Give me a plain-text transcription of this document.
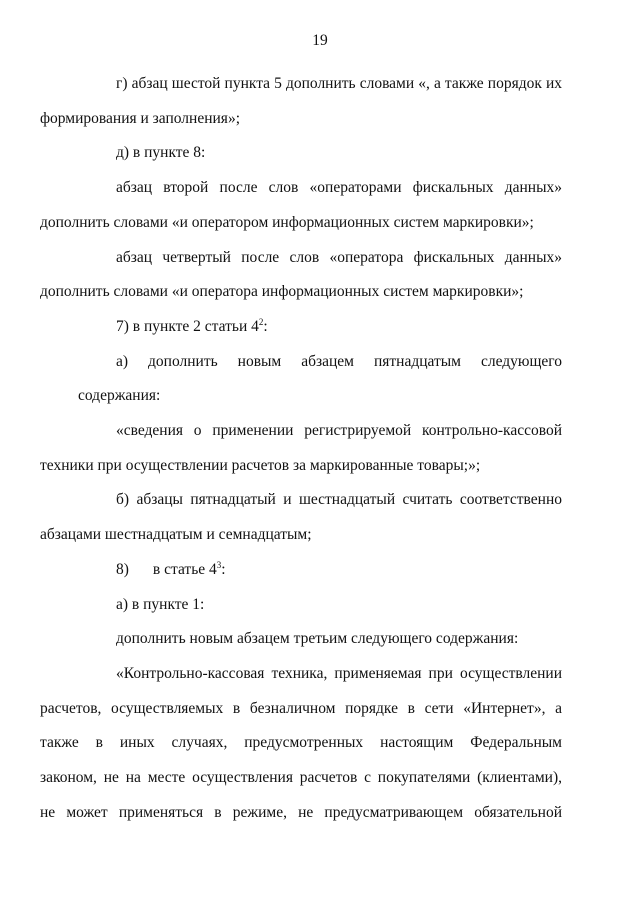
19

г) абзац шестой пункта 5 дополнить словами «, а также порядок их
формирования и заполнения»;

д) в пункте 8:

абзац второй после слов «операторами фискальных данных»
дополнить словами «и оператором информационных систем маркировки»;

абзац четвертый после слов «оператора фискальных данных»
дополнить словами «и оператора информационных систем маркировки»;

7) в пункте 2 статьи $4^2$:

а) дополнить новым абзацем пятнадцатым следующего содержания:

«сведения о применении регистрируемой контрольно-кассовой
техники при осуществлении расчетов за маркированные товары;»;

б) абзацы пятнадцатый и шестнадцатый считать соответственно
абзацами шестнадцатым и семнадцатым;

8) в статье $4^3$:

а) в пункте 1:

дополнить новым абзацем третьим следующего содержания:

«Контрольно-кассовая техника, применяемая при осуществлении
расчетов, осуществляемых в безналичном порядке в сети «Интернет», а
также в иных случаях, предусмотренных настоящим Федеральным
законом, не на месте осуществления расчетов с покупателями (клиентами),
не может применяться в режиме, не предусматривающем обязательной
